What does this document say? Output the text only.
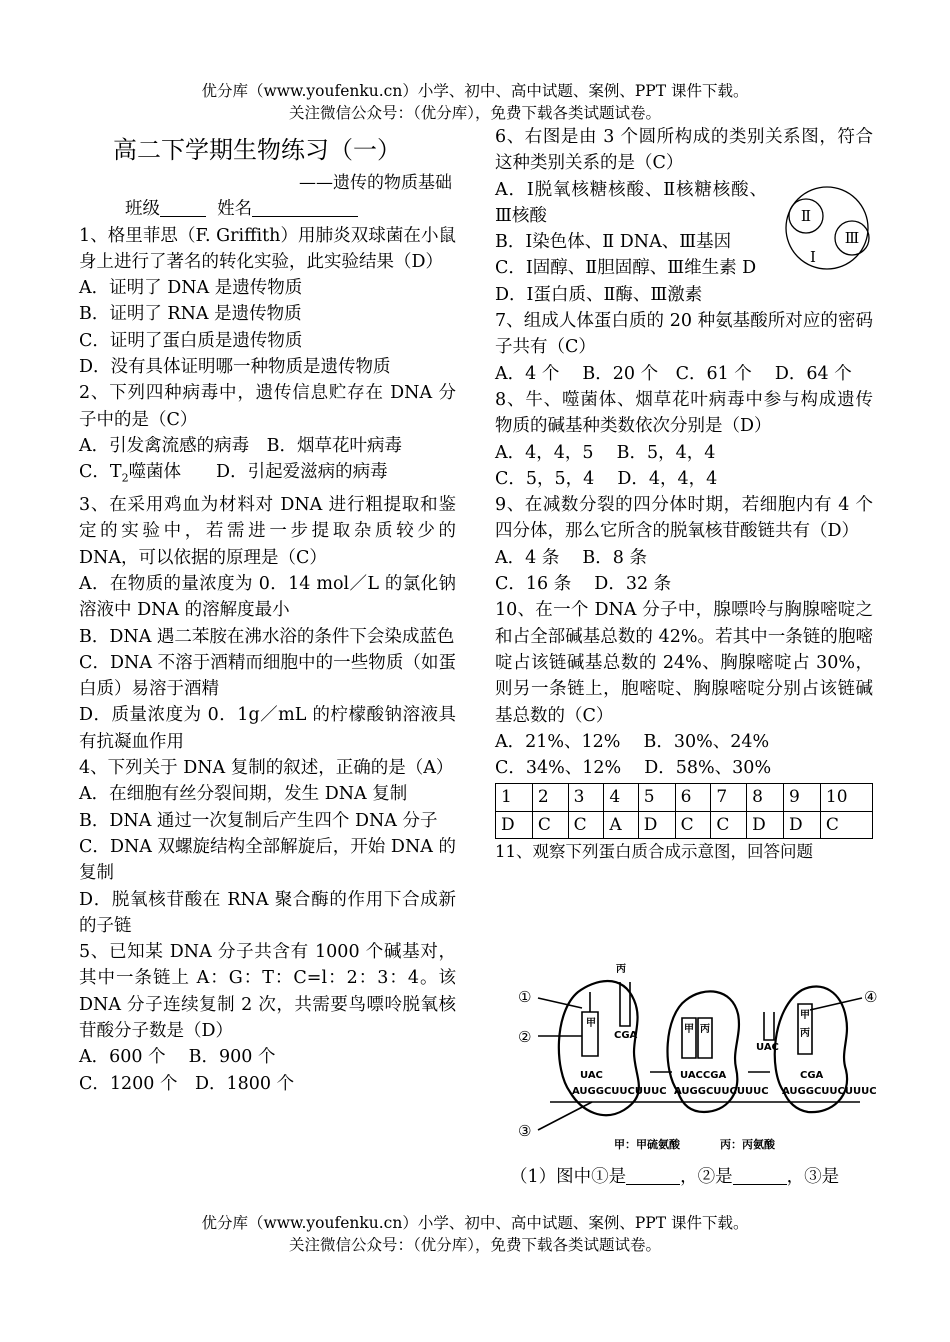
优分库（www.youfenku.cn）小学、初中、高中试题、案例、PPT 课件下载。
关注微信公众号：（优分库），免费下载各类试题试卷。

高二下学期生物练习（一）

——遗传的物质基础

班级	姓名

1、格里菲思（F. Griffith）用肺炎双球菌在小鼠身上进行了著名的转化实验，此实验结果（D）

A．证明了 DNA 是遗传物质

B．证明了 RNA 是遗传物质

C．证明了蛋白质是遗传物质

D．没有具体证明哪一种物质是遗传物质

2、下列四种病毒中，遗传信息贮存在 DNA 分子中的是（C）

A．引发禽流感的病毒　B．烟草花叶病毒

C．$T_2$噬菌体　　D．引起爱滋病的病毒

3、在采用鸡血为材料对 DNA 进行粗提取和鉴定的实验中，若需进一步提取杂质较少的 DNA，可以依据的原理是（C）

A．在物质的量浓度为 0．14 mol／L 的氯化钠溶液中 DNA 的溶解度最小

B．DNA 遇二苯胺在沸水浴的条件下会染成蓝色

C．DNA 不溶于酒精而细胞中的一些物质（如蛋白质）易溶于酒精

D．质量浓度为 0．1g／mL 的柠檬酸钠溶液具有抗凝血作用

4、下列关于 DNA 复制的叙述，正确的是（A）

A．在细胞有丝分裂间期，发生 DNA 复制

B．DNA 通过一次复制后产生四个 DNA 分子

C．DNA 双螺旋结构全部解旋后，开始 DNA 的复制

D．脱氧核苷酸在 RNA 聚合酶的作用下合成新的子链

5、已知某 DNA 分子共含有 1000 个碱基对，其中一条链上 A：G：T：C=l：2：3：4。该 DNA 分子连续复制 2 次，共需要鸟嘌呤脱氧核苷酸分子数是（D）

A．600 个　 B．900 个

C．1200 个　D．1800 个

6、右图是由 3 个圆所构成的类别关系图，符合这种类别关系的是（C）

A．Ⅰ脱氧核糖核酸、Ⅱ核糖核酸、Ⅲ核酸

B．Ⅰ染色体、Ⅱ DNA、Ⅲ基因

C．Ⅰ固醇、Ⅱ胆固醇、Ⅲ维生素 D

D．Ⅰ蛋白质、Ⅱ酶、Ⅲ激素

7、组成人体蛋白质的 20 种氨基酸所对应的密码子共有（C）

A．4 个　 B．20 个　C．61 个　 D．64 个

8、牛、噬菌体、烟草花叶病毒中参与构成遗传物质的碱基种类数依次分别是（D）

A．4，4，5　 B．5，4，4

C．5，5，4　 D．4，4，4

9、在减数分裂的四分体时期，若细胞内有 4 个四分体，那么它所含的脱氧核苷酸链共有（D）

A．4 条　 B．8 条

C．16 条　 D．32 条

10、在一个 DNA 分子中，腺嘌呤与胸腺嘧啶之和占全部碱基总数的 42%。若其中一条链的胞嘧啶占该链碱基总数的 24%、胸腺嘧啶占 30%，则另一条链上，胞嘧啶、胸腺嘧啶分别占该链碱基总数的（C）

A．21%、12%　 B．30%、24%

C．34%、12%　 D．58%、30%

1	2	3	4	5	6	7	8	9	10
D	C	C	A	D	C	C	D	D	C

11、观察下列蛋白质合成示意图，回答问题

Ⅱ
Ⅲ
Ⅰ
甲
丙
甲 丙
甲
丙
CGA
UAC
UAC	UACCGA	CGA
AUGGCUUCUUUC AUGGCUUCUUUC AUGGCUUCUUUC
①
②
③
④
甲：甲硫氨酸	丙：丙氨酸
（1）图中①是	，②是	，③是
优分库（www.youfenku.cn）小学、初中、高中试题、案例、PPT 课件下载。
关注微信公众号：（优分库），免费下载各类试题试卷。
